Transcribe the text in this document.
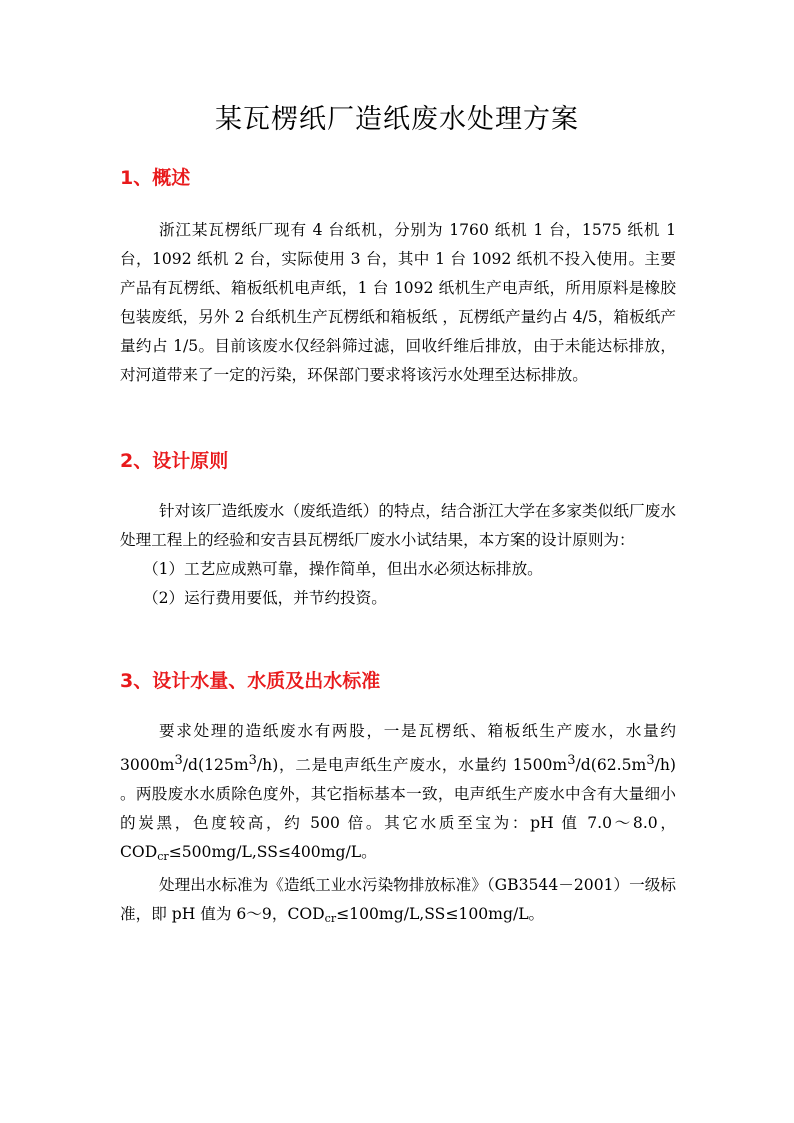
某瓦楞纸厂造纸废水处理方案
1、概述
浙江某瓦楞纸厂现有 4 台纸机，分别为 1760 纸机 1 台，1575 纸机 1 台，1092 纸机 2 台，实际使用 3 台，其中 1 台 1092 纸机不投入使用。主要产品有瓦楞纸、箱板纸机电声纸，1 台 1092 纸机生产电声纸，所用原料是橡胶包装废纸，另外 2 台纸机生产瓦楞纸和箱板纸 ，瓦楞纸产量约占 4/5，箱板纸产量约占 1/5。目前该废水仅经斜筛过滤，回收纤维后排放，由于未能达标排放，对河道带来了一定的污染，环保部门要求将该污水处理至达标排放。
2、设计原则
针对该厂造纸废水（废纸造纸）的特点，结合浙江大学在多家类似纸厂废水处理工程上的经验和安吉县瓦楞纸厂废水小试结果，本方案的设计原则为：
（1）工艺应成熟可靠，操作简单，但出水必须达标排放。
（2）运行费用要低，并节约投资。
3、设计水量、水质及出水标准
要求处理的造纸废水有两股，一是瓦楞纸、箱板纸生产废水，水量约 $3000m^3/d(125m^3/h)$，二是电声纸生产废水，水量约 $1500m^3/d(62.5m^3/h)$ 。两股废水水质除色度外，其它指标基本一致，电声纸生产废水中含有大量细小的炭黑，色度较高，约 500 倍。其它水质至宝为：pH 值 7.0～8.0，$COD_{cr}\le 500mg/L,SS\le 400mg/L$。
处理出水标准为《造纸工业水污染物排放标准》（GB3544－2001）一级标准，即 pH 值为 6～9，$COD_{cr}\le 100mg/L,SS\le 100mg/L$。
